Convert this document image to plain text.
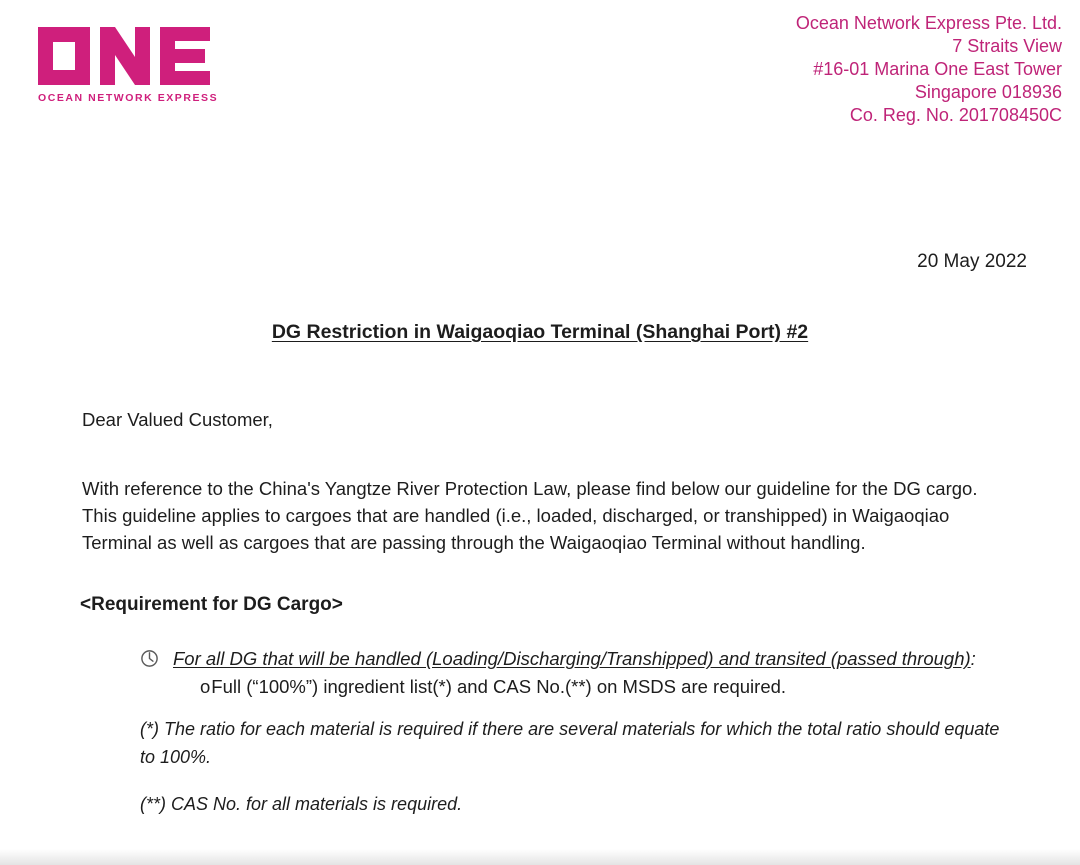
OCEAN NETWORK EXPRESS
Ocean Network Express Pte. Ltd.
7 Straits View
#16-01 Marina One East Tower
Singapore 018936
Co. Reg. No. 201708450C
20 May 2022
DG Restriction in Waigaoqiao Terminal (Shanghai Port) #2

Dear Valued Customer,

With reference to the China's Yangtze River Protection Law, please find below our guideline for the DG cargo. This guideline applies to cargoes that are handled (i.e., loaded, discharged, or transhipped) in Waigaoqiao Terminal as well as cargoes that are passing through the Waigaoqiao Terminal without handling.

<Requirement for DG Cargo>
For all DG that will be handled (Loading/Discharging/Transhipped) and transited (passed through):
oFull (“100%”) ingredient list(*) and CAS No.(**) on MSDS are required.

(*) The ratio for each material is required if there are several materials for which the total ratio should equate to 100%.

(**) CAS No. for all materials is required.
